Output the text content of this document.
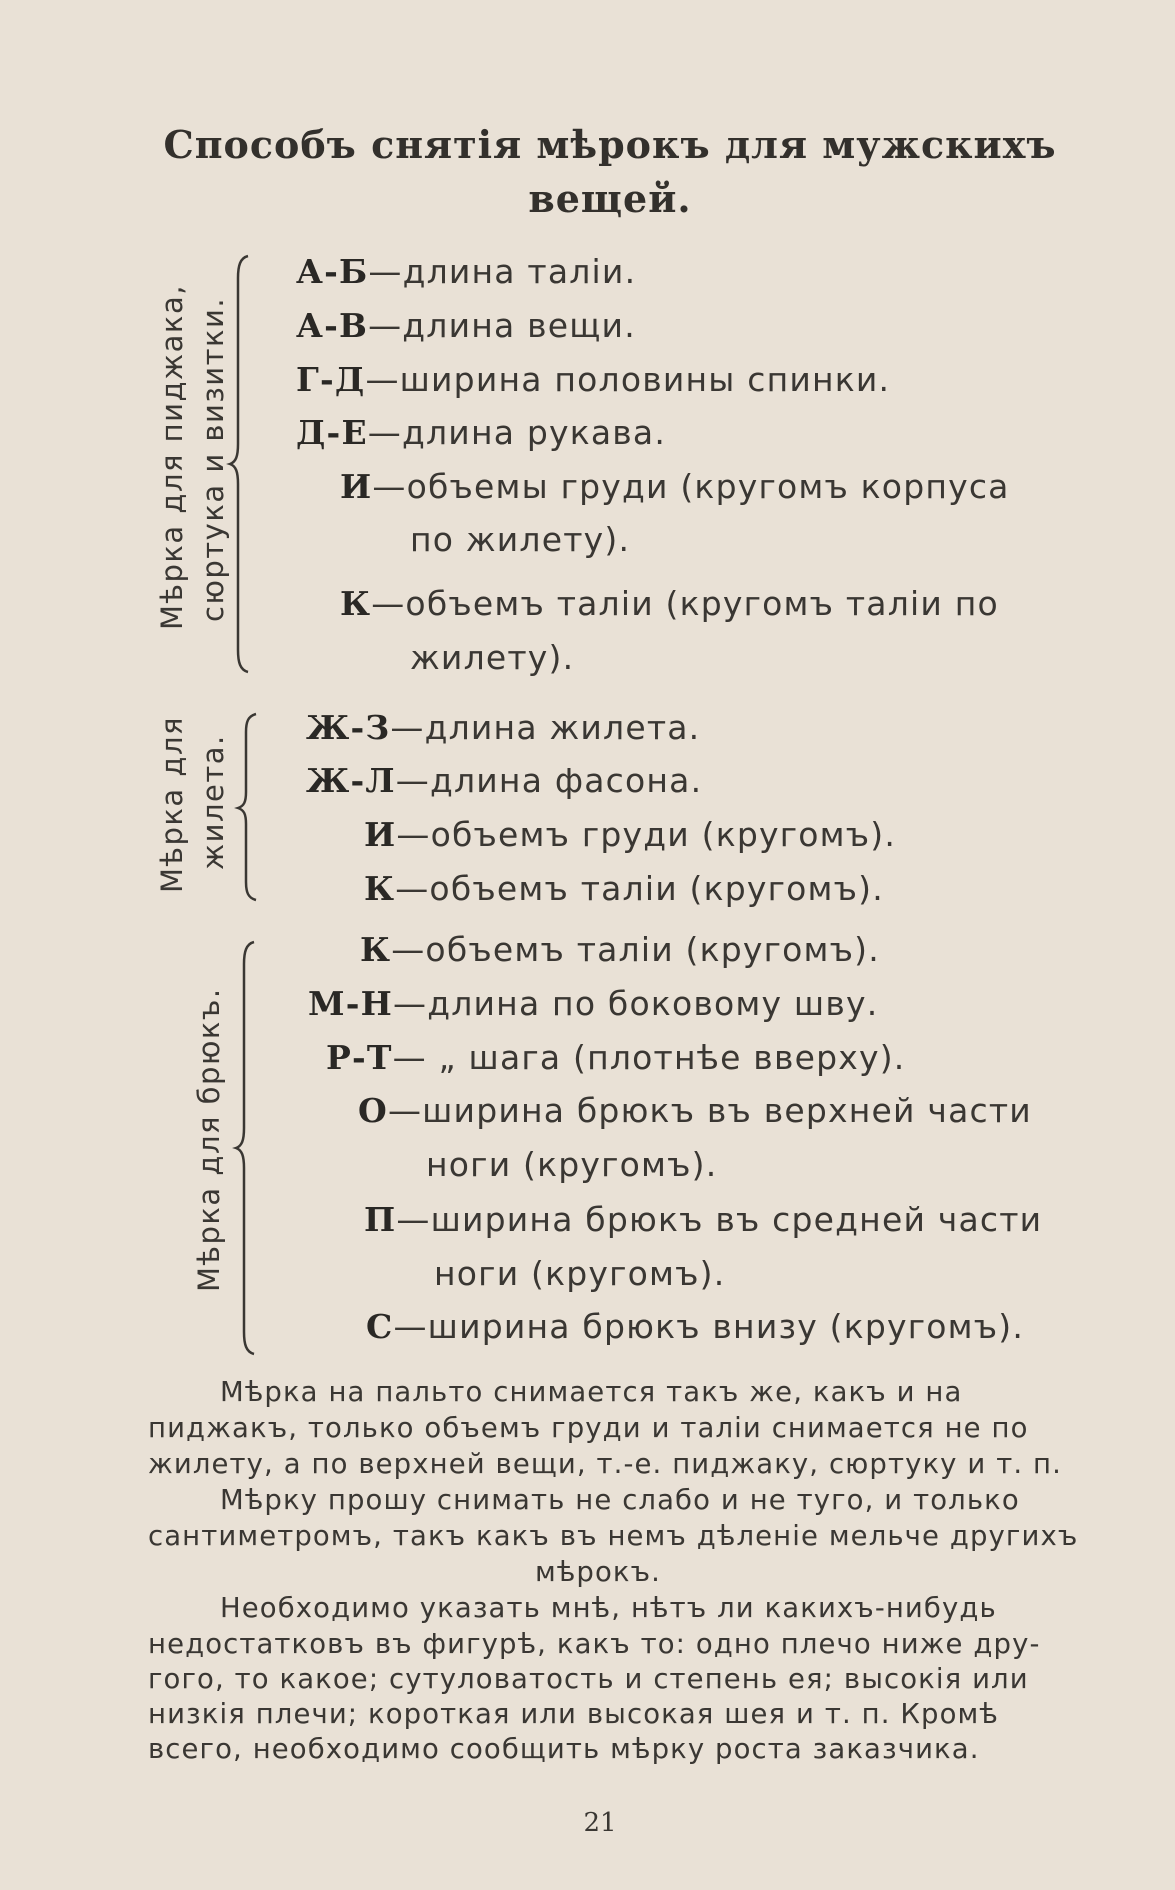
Способъ снятія мѣрокъ для мужскихъ
вещей.
Мѣрка для пиджака, сюртука и визитки.
А-Б—длина таліи.
А-В—длина вещи.
Г-Д—ширина половины спинки.
Д-Е—длина рукава.
И—объемы груди (кругомъ корпуса
по жилету).
К—объемъ таліи (кругомъ таліи по
жилету).
Мѣрка для жилета.
Ж-З—длина жилета.
Ж-Л—длина фасона.
И—объемъ груди (кругомъ).
К—объемъ таліи (кругомъ).
Мѣрка для брюкъ.
К—объемъ таліи (кругомъ).
М-Н—длина по боковому шву.
Р-Т— „ шага (плотнѣе вверху).
О—ширина брюкъ въ верхней части
ноги (кругомъ).
П—ширина брюкъ въ средней части
ноги (кругомъ).
С—ширина брюкъ внизу (кругомъ).
Мѣрка на пальто снимается такъ же, какъ и на
пиджакъ, только объемъ груди и таліи снимается не по
жилету, а по верхней вещи, т.-е. пиджаку, сюртуку и т. п.
Мѣрку прошу снимать не слабо и не туго, и только
сантиметромъ, такъ какъ въ немъ дѣленіе мельче другихъ
мѣрокъ.
Необходимо указать мнѣ, нѣтъ ли какихъ-нибудь
недостатковъ въ фигурѣ, какъ то: одно плечо ниже дру-
гого, то какое; сутуловатость и степень ея; высокія или
низкія плечи; короткая или высокая шея и т. п. Кромѣ
всего, необходимо сообщить мѣрку роста заказчика.
21
